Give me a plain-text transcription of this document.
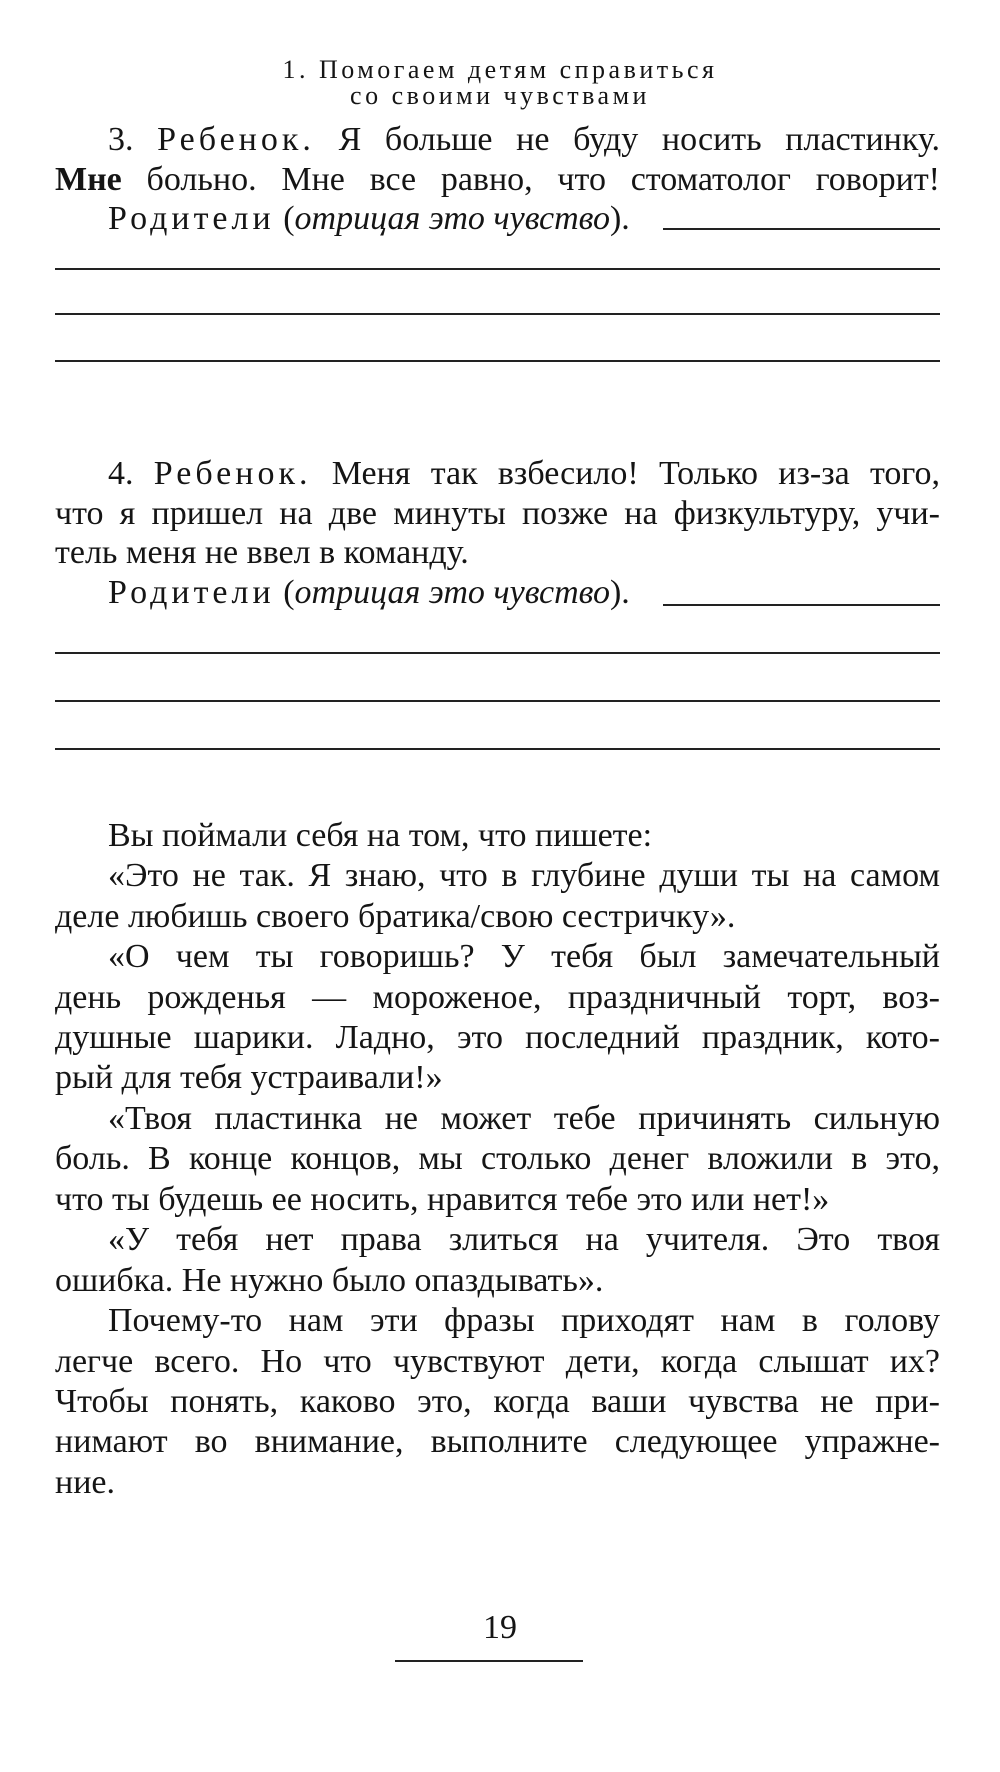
1. Помогаем детям справиться
со своими чувствами
3. Ребенок. Я больше не буду носить пластинку.
Мне больно. Мне все равно, что стоматолог говорит!
Родители (отрицая это чувство).
4. Ребенок. Меня так взбесило! Только из-за того,
что я пришел на две минуты позже на физкультуру, учи-
тель меня не ввел в команду.
Родители (отрицая это чувство).
Вы поймали себя на том, что пишете:
«Это не так. Я знаю, что в глубине души ты на самом
деле любишь своего братика/свою сестричку».
«О чем ты говоришь? У тебя был замечательный
день рожденья — мороженое, праздничный торт, воз-
душные шарики. Ладно, это последний праздник, кото-
рый для тебя устраивали!»
«Твоя пластинка не может тебе причинять сильную
боль. В конце концов, мы столько денег вложили в это,
что ты будешь ее носить, нравится тебе это или нет!»
«У тебя нет права злиться на учителя. Это твоя
ошибка. Не нужно было опаздывать».
Почему-то нам эти фразы приходят нам в голову
легче всего. Но что чувствуют дети, когда слышат их?
Чтобы понять, каково это, когда ваши чувства не при-
нимают во внимание, выполните следующее упражне-
ние.
19
